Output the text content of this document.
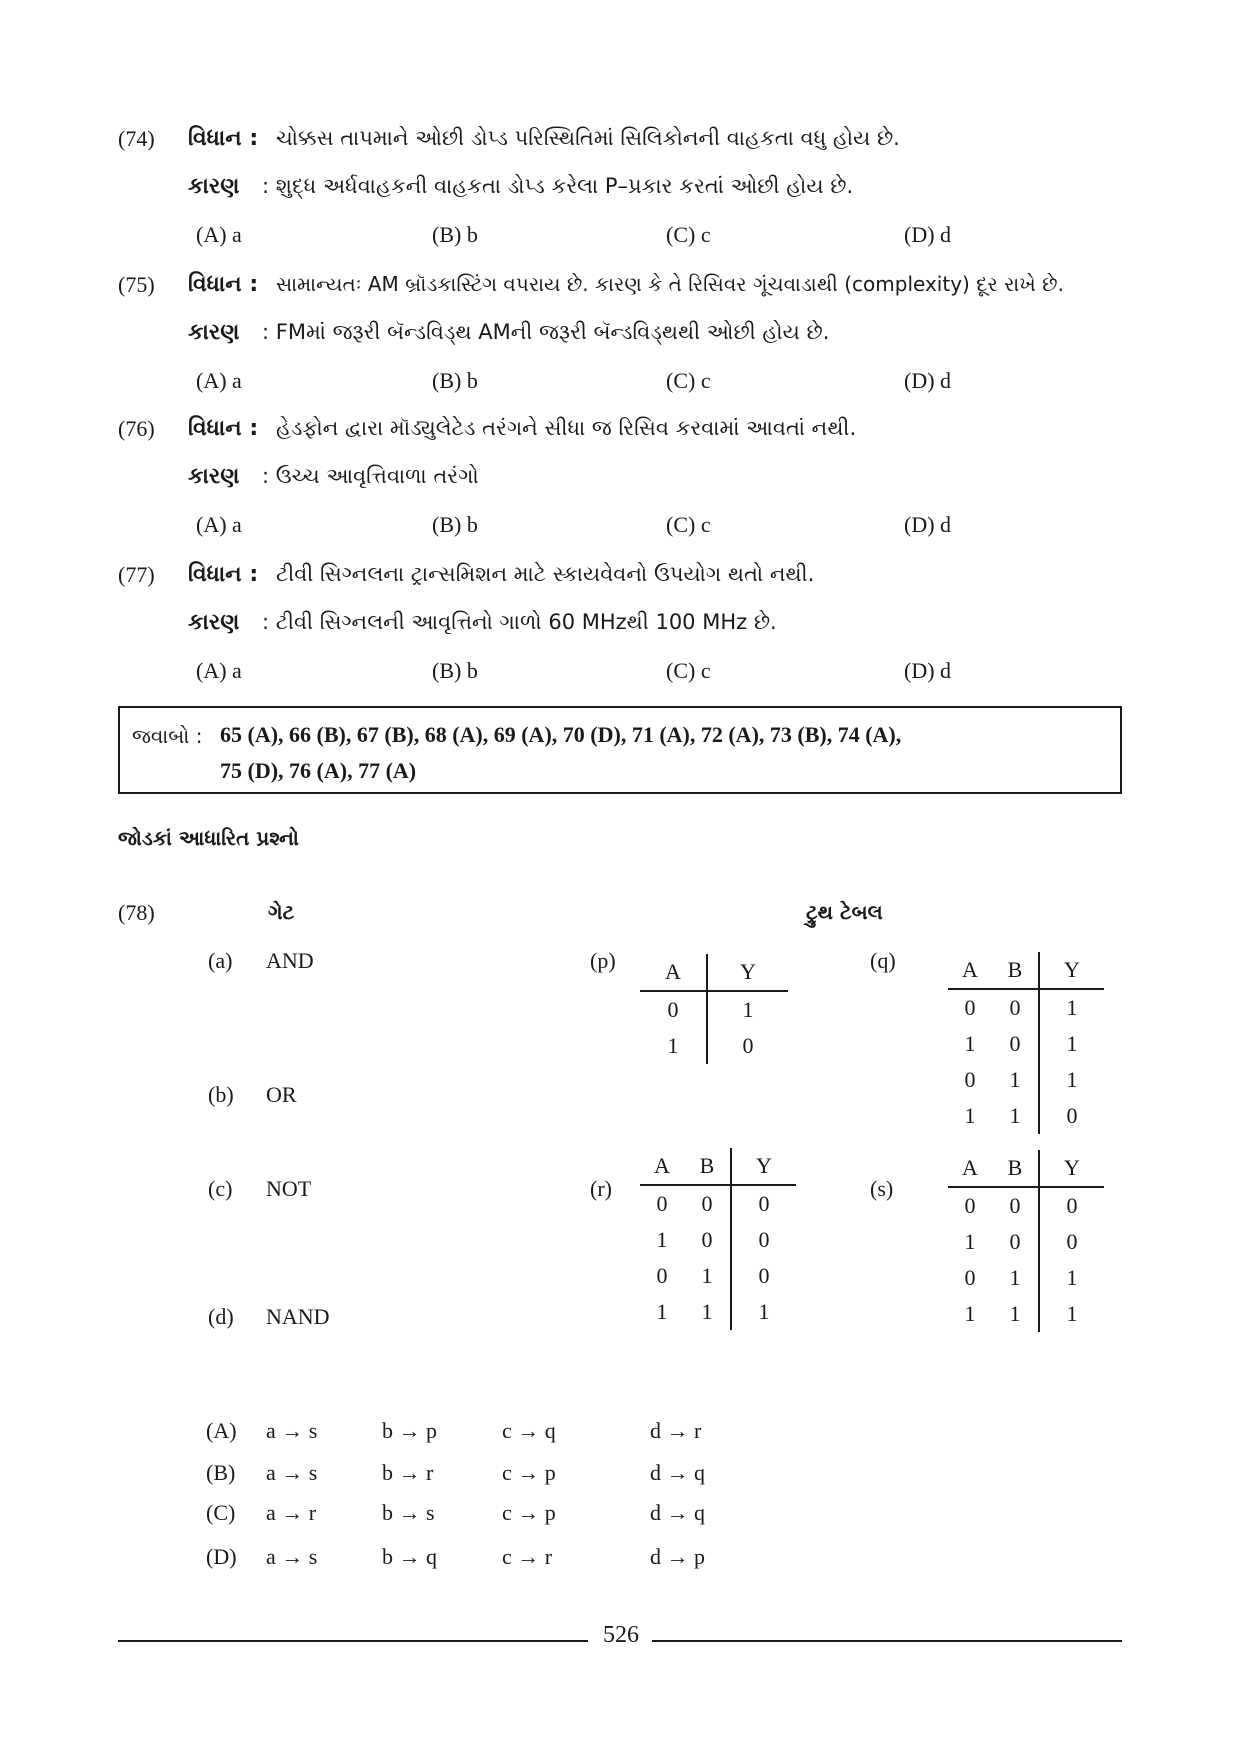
(74) વિધાન : ચોક્કસ તાપમાને ઓછી ડોપ્ડ પરિસ્થિતિમાં સિલિકોનની વાહકતા વધુ હોય છે.
કારણ : શુદ્ધ અર્ધવાહકની વાહકતા ડોપ્ડ કરેલા P–પ્રકાર કરતાં ઓછી હોય છે.
(A) a	(B) b	(C) c	(D) d
(75) વિધાન : સામાન્યતઃ AM બ્રૉડકાસ્ટિંગ વપરાય છે. કારણ કે તે રિસિવર ગૂંચવાડાથી (complexity) દૂર રાખે છે.
કારણ : FMમાં જરૂરી બૅન્ડવિડ્થ AMની જરૂરી બૅન્ડવિડ્થથી ઓછી હોય છે.
(A) a	(B) b	(C) c	(D) d
(76) વિધાન : હેડફોન દ્વારા મૉડ્યુલેટેડ તરંગને સીધા જ રિસિવ કરવામાં આવતાં નથી.
કારણ : ઉચ્ચ આવૃત્તિવાળા તરંગો
(A) a	(B) b	(C) c	(D) d
(77) વિધાન : ટીવી સિગ્નલના ટ્રાન્સમિશન માટે સ્કાયવેવનો ઉપયોગ થતો નથી.
કારણ : ટીવી સિગ્નલની આવૃત્તિનો ગાળો 60 MHzથી 100 MHz છે.
(A) a	(B) b	(C) c	(D) d
જવાબો : 65 (A), 66 (B), 67 (B), 68 (A), 69 (A), 70 (D), 71 (A), 72 (A), 73 (B), 74 (A),
75 (D), 76 (A), 77 (A)
જોડકાં આધારિત પ્રશ્નો
(78)	ગેટ	ટ્રુથ ટેબલ
(a) AND
(b) OR
(c) NOT
(d) NAND
(p) A	Y
0	1
1	0
(q)	A	B	Y
0	0	1
1	0	1
0	1	1
1	1	0
(r)
A	B	Y
0	0	0
1	0	0
0	1	0
1	1	1
(s)
A	B	Y
0	0	0
1	0	0
0	1	1
1	1	1
(A) a → s	b → p	c → q	d → r
(B) a → s	b → r	c → p	d → q
(C) a → r	b → s	c → p	d → q
(D) a → s	b → q	c → r	d → p
526
